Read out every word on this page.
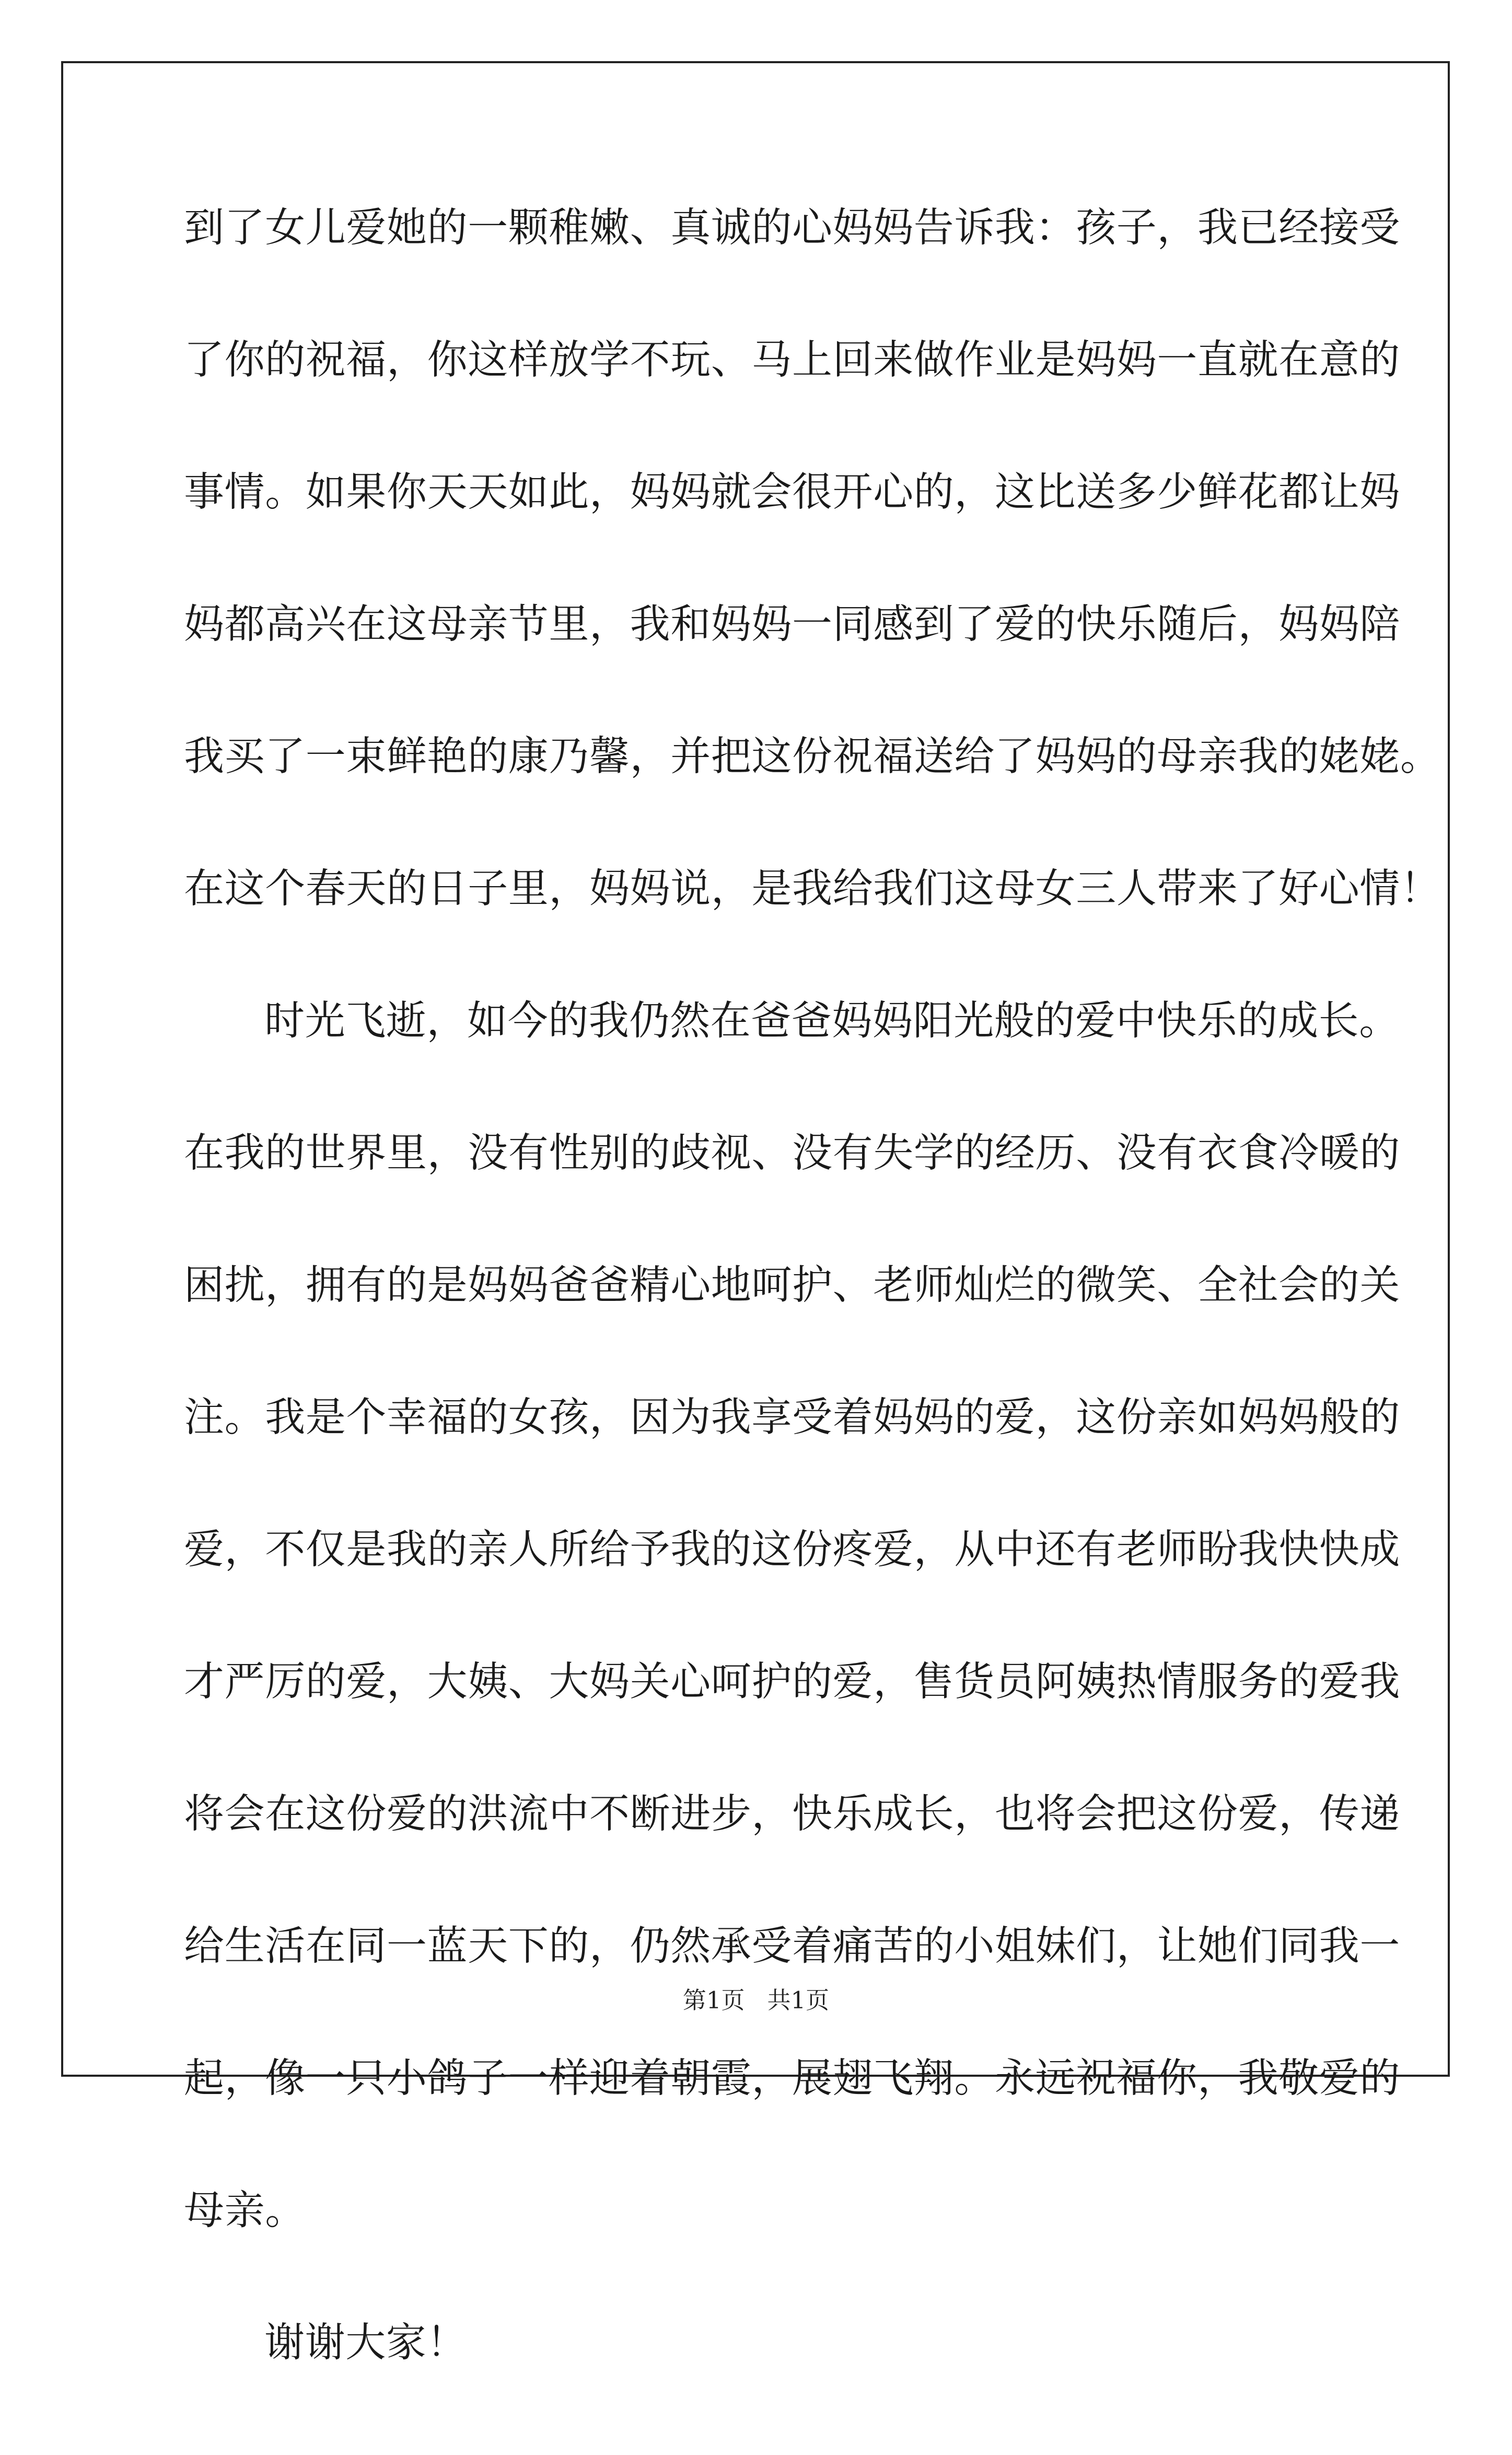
到了女儿爱她的一颗稚嫩、真诚的心妈妈告诉我：孩子，我已经接受
了你的祝福，你这样放学不玩、马上回来做作业是妈妈一直就在意的
事情。如果你天天如此，妈妈就会很开心的，这比送多少鲜花都让妈
妈都高兴在这母亲节里，我和妈妈一同感到了爱的快乐随后，妈妈陪
我买了一束鲜艳的康乃馨，并把这份祝福送给了妈妈的母亲我的姥姥。
在这个春天的日子里，妈妈说，是我给我们这母女三人带来了好心情！
时光飞逝，如今的我仍然在爸爸妈妈阳光般的爱中快乐的成长。
在我的世界里，没有性别的歧视、没有失学的经历、没有衣食冷暖的
困扰，拥有的是妈妈爸爸精心地呵护、老师灿烂的微笑、全社会的关
注。我是个幸福的女孩，因为我享受着妈妈的爱，这份亲如妈妈般的
爱，不仅是我的亲人所给予我的这份疼爱，从中还有老师盼我快快成
才严厉的爱，大姨、大妈关心呵护的爱，售货员阿姨热情服务的爱我
将会在这份爱的洪流中不断进步，快乐成长，也将会把这份爱，传递
给生活在同一蓝天下的，仍然承受着痛苦的小姐妹们，让她们同我一
起，像一只小鸽子一样迎着朝霞，展翅飞翔。永远祝福你，我敬爱的
母亲。
谢谢大家！
第1页   共1页
